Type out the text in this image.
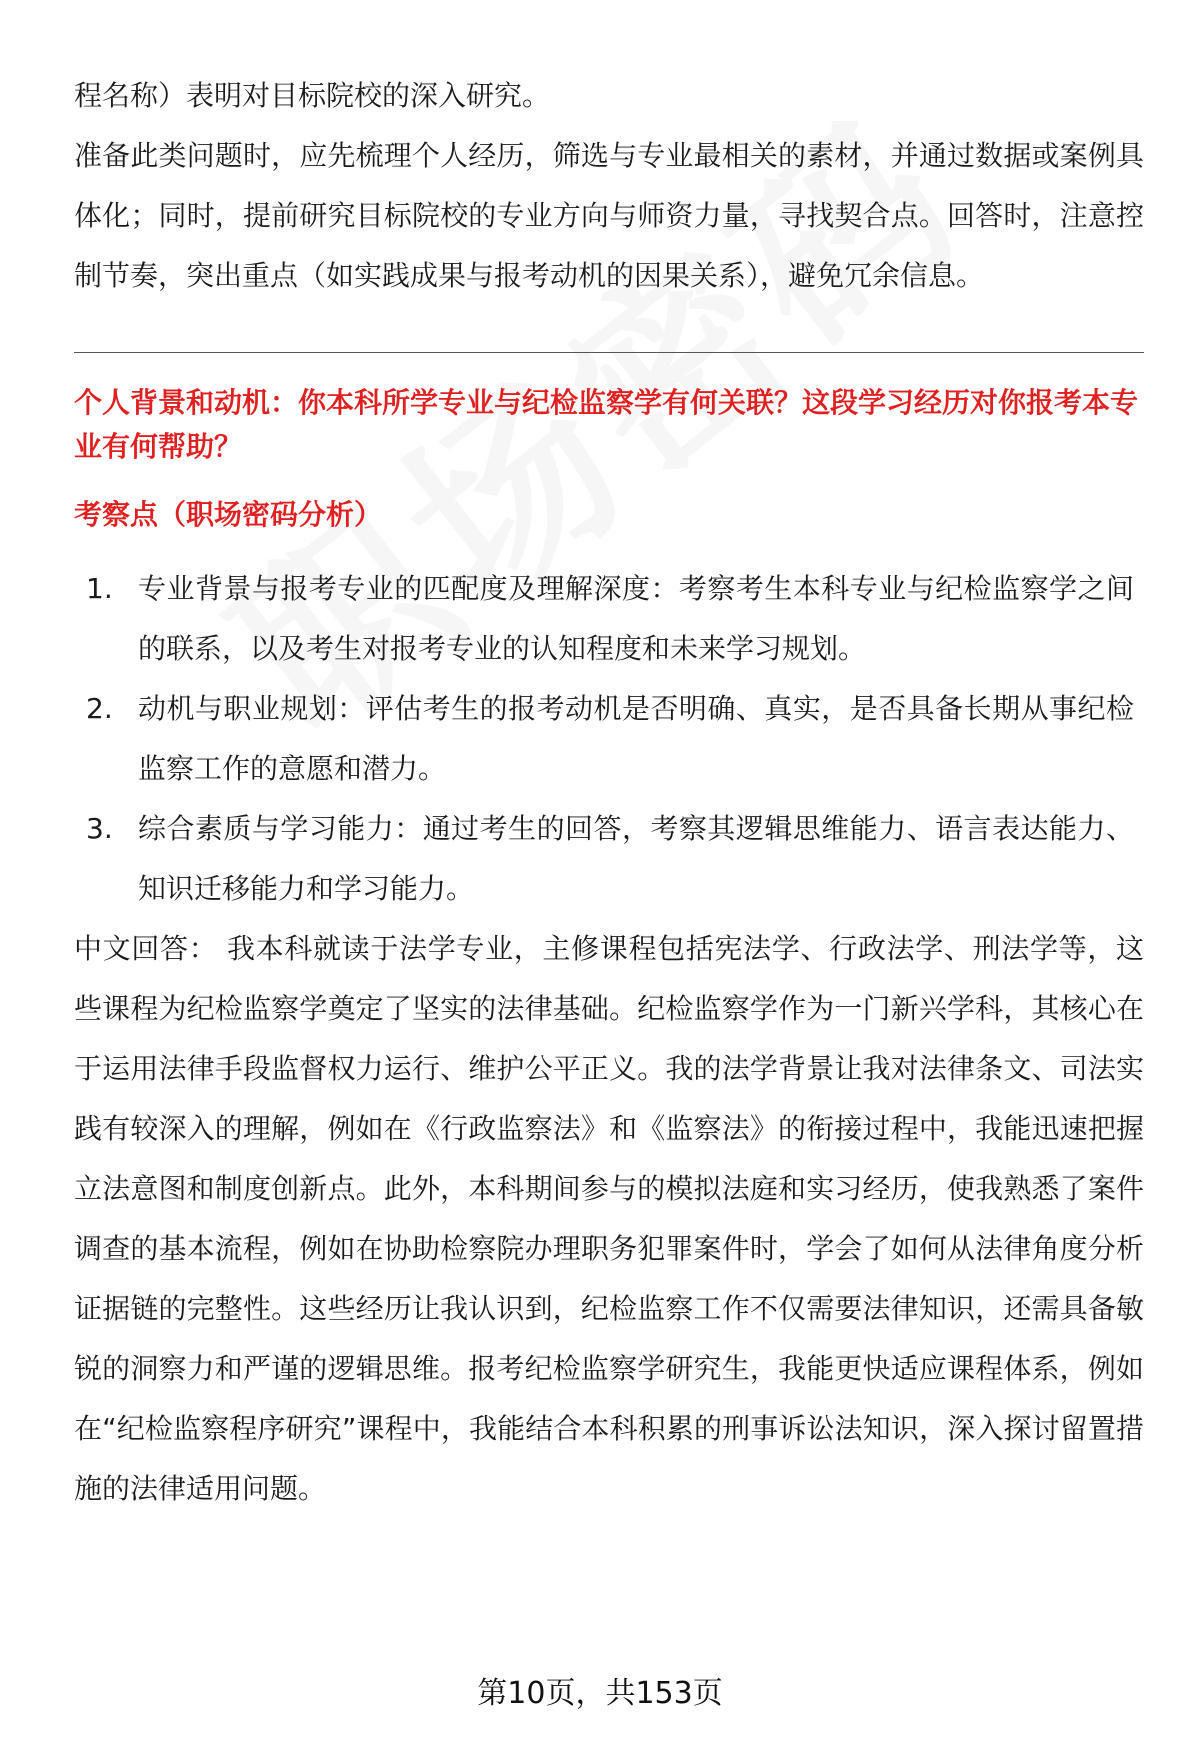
程名称）表明对目标院校的深入研究。

准备此类问题时，应先梳理个人经历，筛选与专业最相关的素材，并通过数据或案例具体化；同时，提前研究目标院校的专业方向与师资力量，寻找契合点。回答时，注意控制节奏，突出重点（如实践成果与报考动机的因果关系），避免冗余信息。

个人背景和动机：你本科所学专业与纪检监察学有何关联？这段学习经历对你报考本专业有何帮助？
考察点（职场密码分析）
1. 专业背景与报考专业的匹配度及理解深度：考察考生本科专业与纪检监察学之间的联系，以及考生对报考专业的认知程度和未来学习规划。
2. 动机与职业规划：评估考生的报考动机是否明确、真实，是否具备长期从事纪检监察工作的意愿和潜力。
3. 综合素质与学习能力：通过考生的回答，考察其逻辑思维能力、语言表达能力、知识迁移能力和学习能力。

中文回答： 我本科就读于法学专业，主修课程包括宪法学、行政法学、刑法学等，这些课程为纪检监察学奠定了坚实的法律基础。纪检监察学作为一门新兴学科，其核心在于运用法律手段监督权力运行、维护公平正义。我的法学背景让我对法律条文、司法实践有较深入的理解，例如在《行政监察法》和《监察法》的衔接过程中，我能迅速把握立法意图和制度创新点。此外，本科期间参与的模拟法庭和实习经历，使我熟悉了案件调查的基本流程，例如在协助检察院办理职务犯罪案件时，学会了如何从法律角度分析证据链的完整性。这些经历让我认识到，纪检监察工作不仅需要法律知识，还需具备敏锐的洞察力和严谨的逻辑思维。报考纪检监察学研究生，我能更快适应课程体系，例如在“纪检监察程序研究”课程中，我能结合本科积累的刑事诉讼法知识，深入探讨留置措施的法律适用问题。

第10页，共153页
